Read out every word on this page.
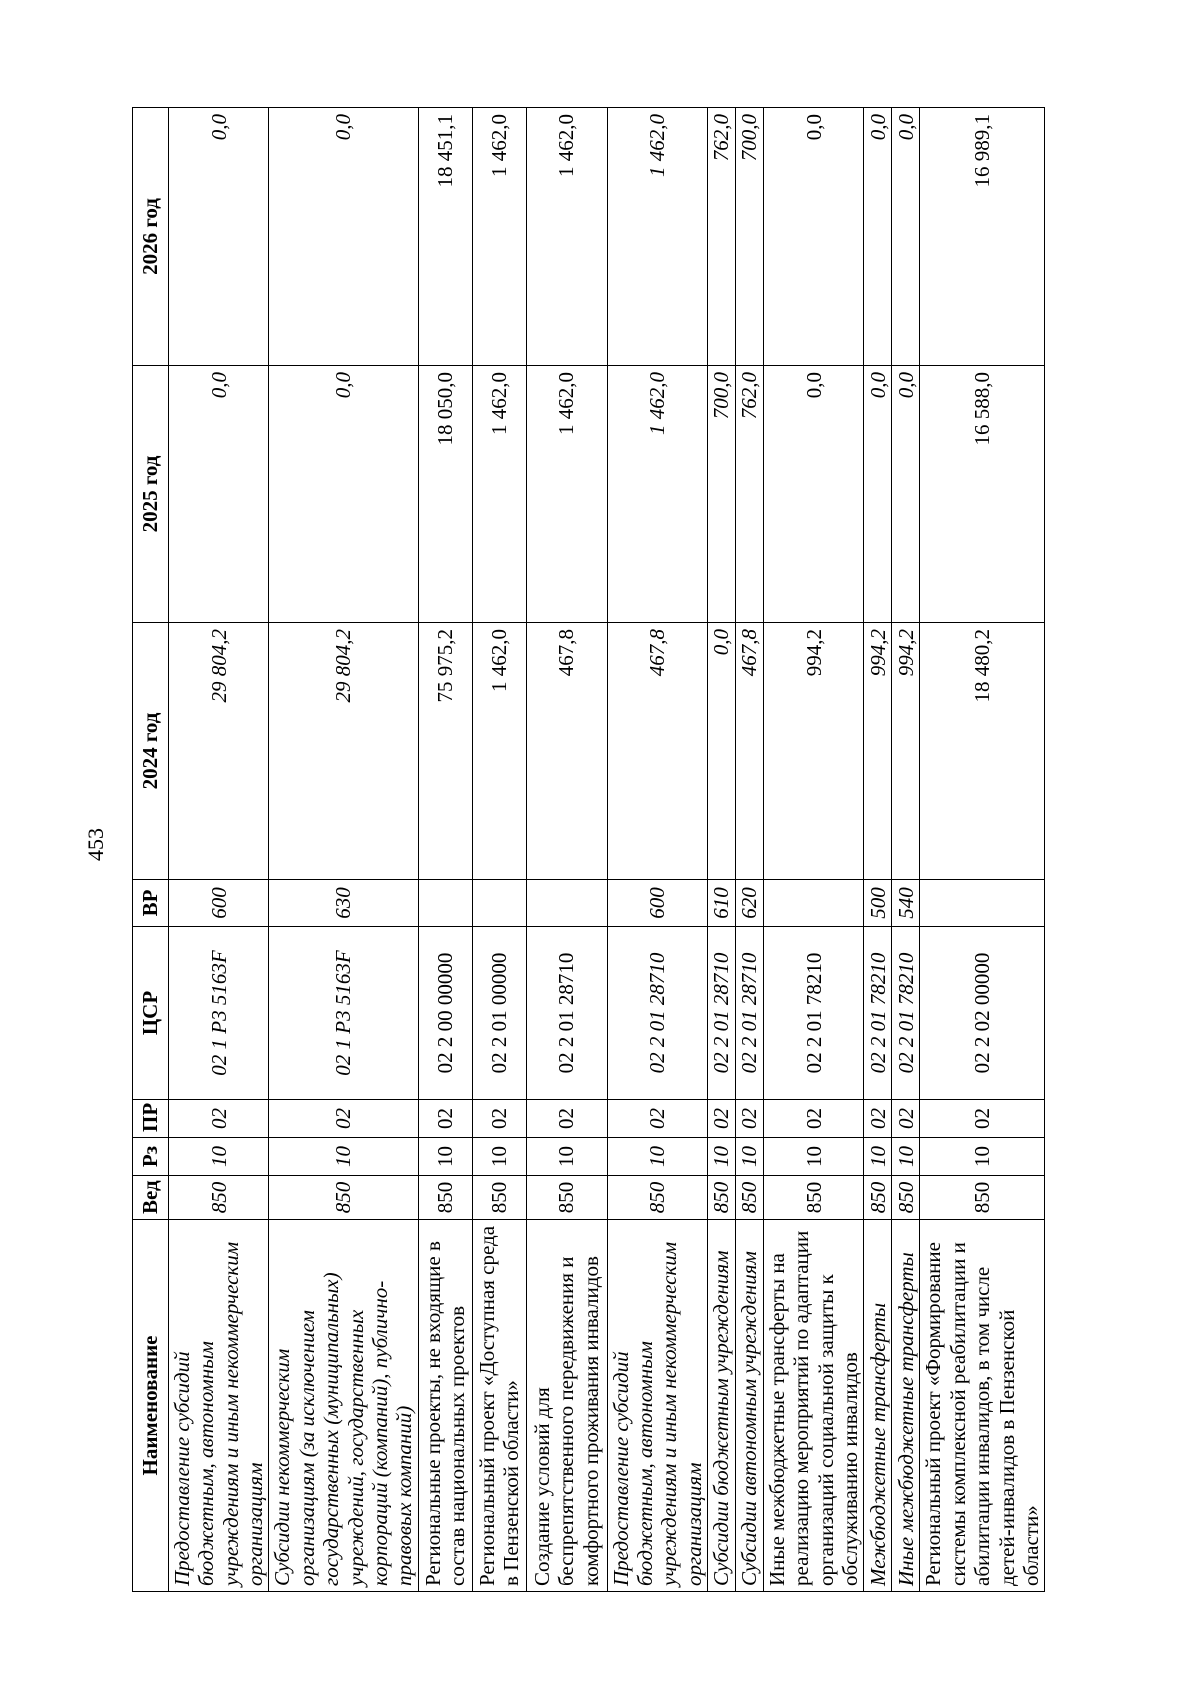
453
Наименование	Вед	Рз	ПР	ЦСР	ВР	2024 год	2025 год	2026 год
Предоставление субсидий бюджетным, автономным учреждениям и иным некоммерческим организациям	850	10	02	02 1 Р3 5163F	600	29 804,2	0,0	0,0
Субсидии некоммерческим организациям (за исключением государственных (муниципальных) учреждений, государственных корпораций (компаний), публично-правовых компаний)	850	10	02	02 1 Р3 5163F	630	29 804,2	0,0	0,0
Региональные проекты, не входящие в состав национальных проектов	850	10	02	02 2 00 00000		75 975,2	18 050,0	18 451,1
Региональный проект «Доступная среда в Пензенской области»	850	10	02	02 2 01 00000		1 462,0	1 462,0	1 462,0
Создание условий для беспрепятственного передвижения и комфортного проживания инвалидов	850	10	02	02 2 01 28710		467,8	1 462,0	1 462,0
Предоставление субсидий бюджетным, автономным учреждениям и иным некоммерческим организациям	850	10	02	02 2 01 28710	600	467,8	1 462,0	1 462,0
Субсидии бюджетным учреждениям	850	10	02	02 2 01 28710	610	0,0	700,0	762,0
Субсидии автономным учреждениям	850	10	02	02 2 01 28710	620	467,8	762,0	700,0
Иные межбюджетные трансферты на реализацию мероприятий по адаптации организаций социальной защиты к обслуживанию инвалидов	850	10	02	02 2 01 78210		994,2	0,0	0,0
Межбюджетные трансферты	850	10	02	02 2 01 78210	500	994,2	0,0	0,0
Иные межбюджетные трансферты	850	10	02	02 2 01 78210	540	994,2	0,0	0,0
Региональный проект «Формирование системы комплексной реабилитации и абилитации инвалидов, в том числе детей-инвалидов в Пензенской области»	850	10	02	02 2 02 00000		18 480,2	16 588,0	16 989,1
